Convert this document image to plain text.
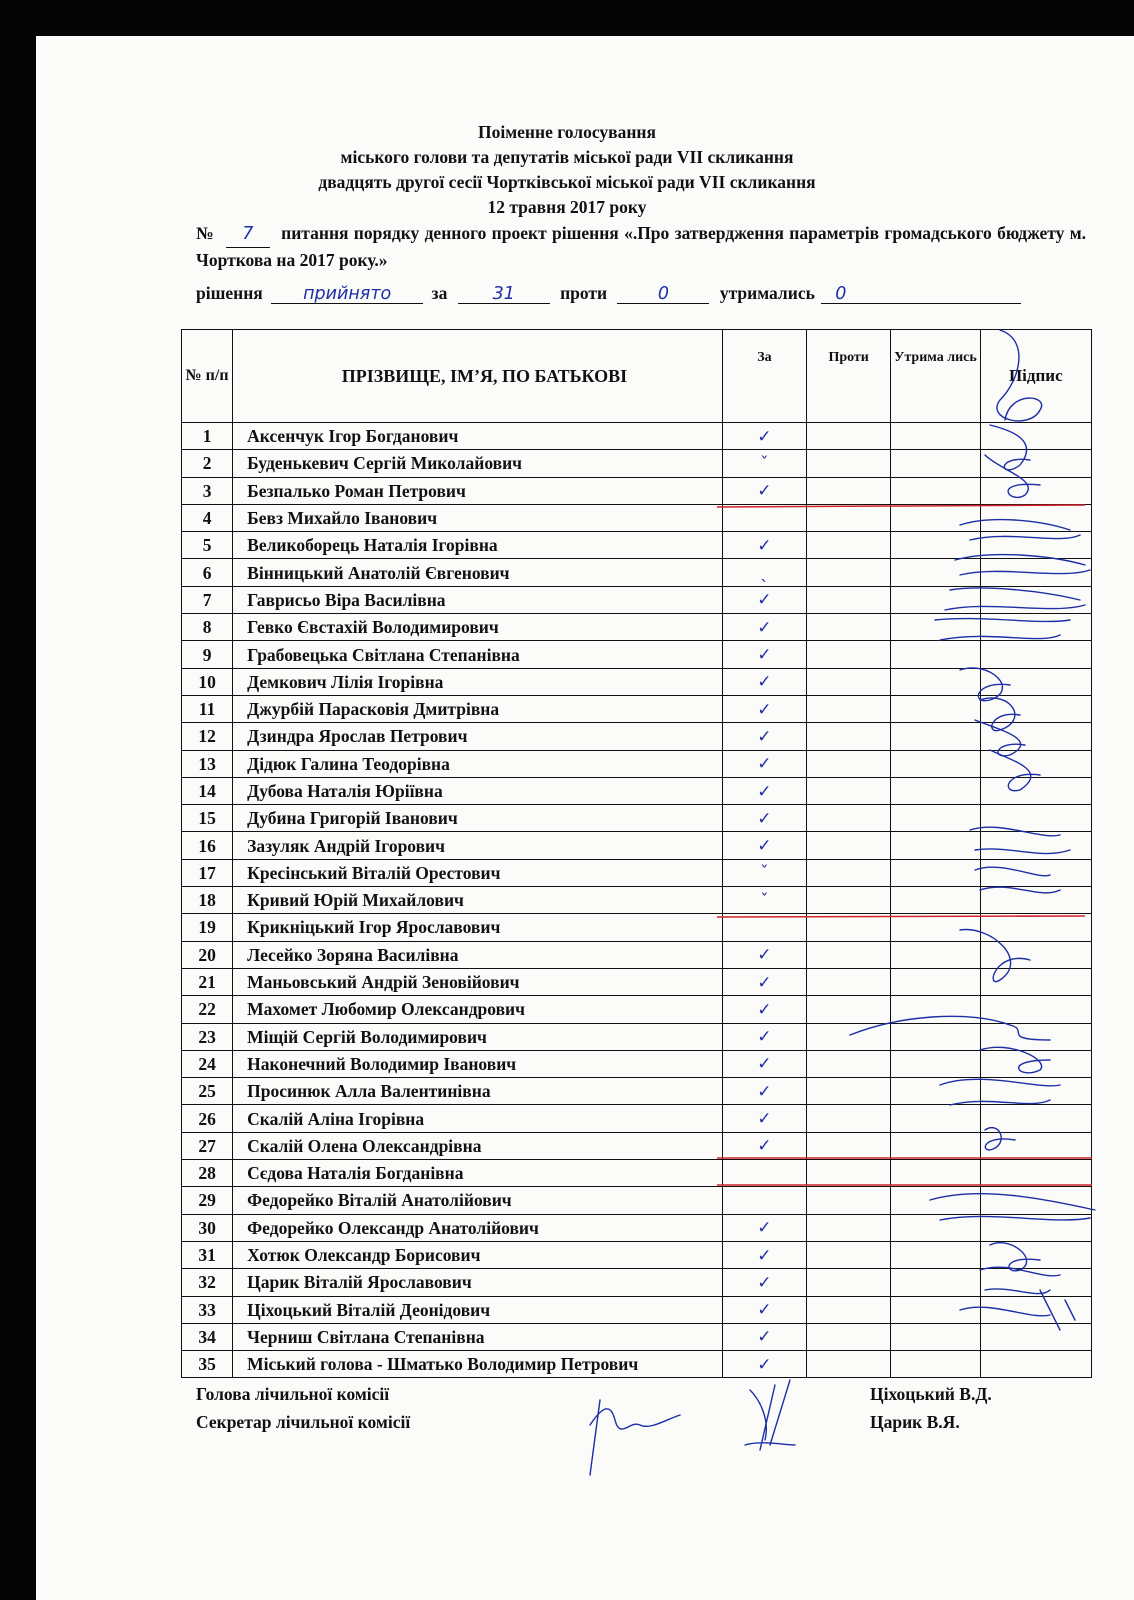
Поіменне голосування
міського голови та депутатів міської ради VII скликання
двадцять другої сесії Чортківської міської ради VII скликання
12 травня 2017 року
№ 7 питання порядку денного проект рішення «.Про затвердження параметрів громадського бюджету м. Чорткова на 2017 року.»
рішення прийнято за	31	проти	0	утримались 0
№ п/п	ПРІЗВИЩЕ, ІМ’Я, ПО БАТЬКОВІ	За	Проти	Утрима лись	Підпис
1	Аксенчук Ігор Богданович	✓			
2	Буденькевич Сергій Миколайович	ˇ			
3	Безпалько Роман Петрович	✓			
4	Бевз Михайло Іванович				
5	Великоборець Наталія Ігорівна	✓			
6	Вінницький Анатолій Євгенович	ˎ			
7	Гаврисьо Віра Василівна	✓			
8	Гевко Євстахій Володимирович	✓			
9	Грабовецька Світлана Степанівна	✓			
10	Демкович Лілія Ігорівна	✓			
11	Джурбій Парасковія Дмитрівна	✓			
12	Дзиндра Ярослав Петрович	✓			
13	Дідюк Галина Теодорівна	✓			
14	Дубова Наталія Юріївна	✓			
15	Дубина Григорій Іванович	✓			
16	Зазуляк Андрій Ігорович	✓			
17	Кресінський Віталій Орестович	ˇ			
18	Кривий Юрій Михайлович	ˇ			
19	Крикніцький Ігор Ярославович				
20	Лесейко Зоряна Василівна	✓			
21	Маньовський Андрій Зеновійович	✓			
22	Махомет Любомир Олександрович	✓			
23	Міщій Сергій Володимирович	✓			
24	Наконечний Володимир Іванович	✓			
25	Просинюк Алла Валентинівна	✓			
26	Скалій Аліна Ігорівна	✓			
27	Скалій Олена Олександрівна	✓			
28	Сєдова Наталія Богданівна				
29	Федорейко Віталій Анатолійович				
30	Федорейко Олександр Анатолійович	✓			
31	Хотюк Олександр Борисович	✓			
32	Царик Віталій Ярославович	✓			
33	Ціхоцький Віталій Деонідович	✓			
34	Черниш Світлана Степанівна	✓			
35	Міський голова - Шматько Володимир Петрович	✓			
Голова лічильної комісії
Секретар лічильної комісії
Ціхоцький В.Д.
Царик В.Я.
